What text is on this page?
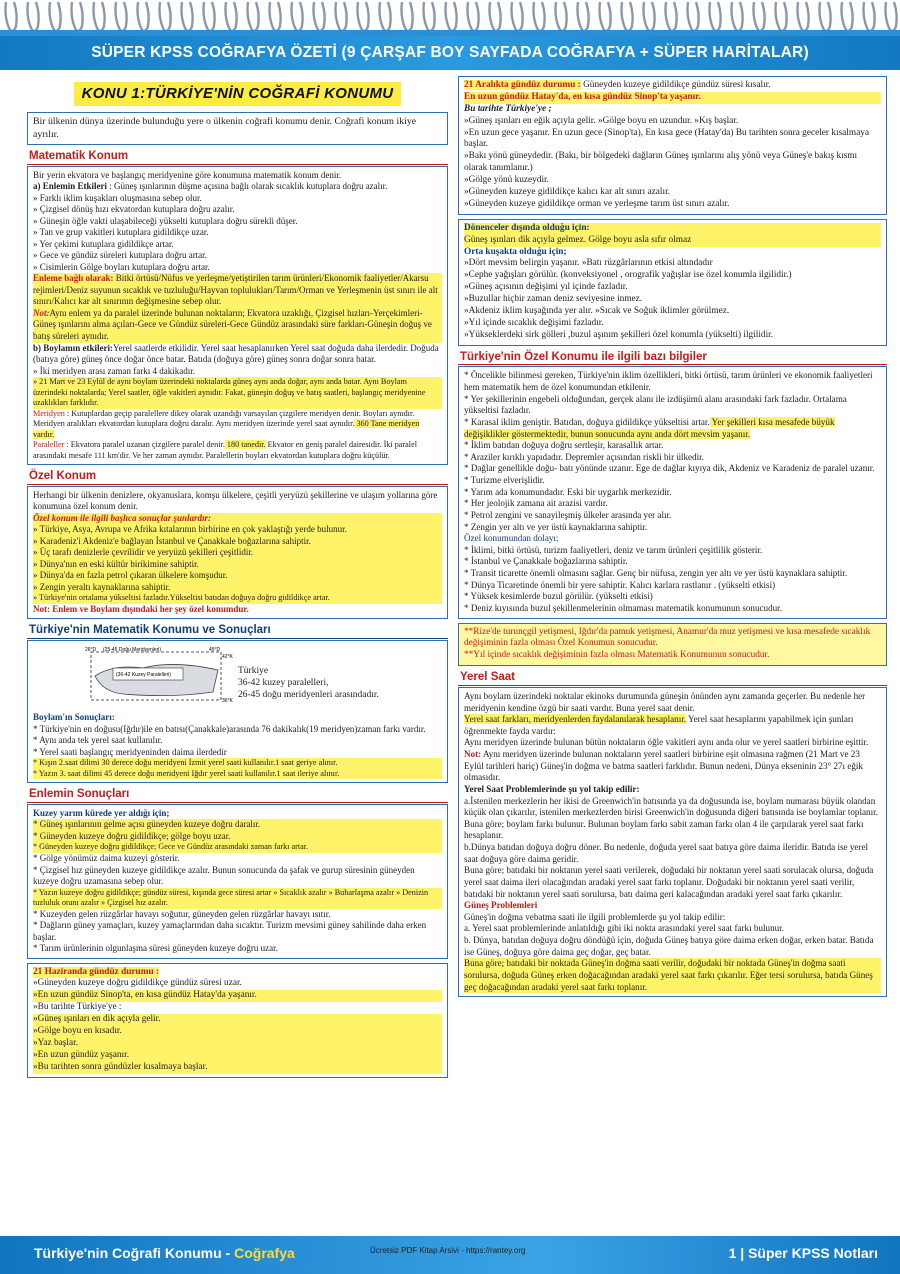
SÜPER KPSS COĞRAFYA ÖZETİ (9 ÇARŞAF BOY SAYFADA COĞRAFYA + SÜPER HARİTALAR)
KONU 1:TÜRKİYE'NİN COĞRAFİ KONUMU

Bir ülkenin dünya üzerinde bulunduğu yere o ülkenin coğrafi konumu denir. Coğrafi konum ikiye ayrılır.

Matematik Konum

Bir yerin ekvatora ve başlangıç meridyenine göre konumuna matematik konum denir.

a) Enlemin Etkileri : Güneş ışınlarının düşme açısına bağlı olarak sıcaklık kutuplara doğru azalır.

» Farklı iklim kuşakları oluşmasına sebep olur.

» Çizgisel dönüş hızı ekvatordan kutuplara doğru azalır.

» Güneşin öğle vakti ulaşabileceği yükselti kutuplara doğru sürekli düşer.

» Tan ve grup vakitleri kutuplara gidildikçe uzar.

» Yer çekimi kutuplara gidildikçe artar.

» Gece ve gündüz süreleri kutuplara doğru artar.

» Cisimlerin Gölge boyları kutuplara doğru artar.

Enleme bağlı olarak: Bitki örtüsü/Nüfus ve yerleşme/yetiştirilen tarım ürünleri/Ekonomik faaliyetler/Akarsu rejimleri/Deniz suyunun sıcaklık ve tuzluluğu/Hayvan toplulukları/Tarım/Orman ve Yerleşmenin üst sınırı ile alt sınırı/Kalıcı kar alt sınırının değişmesine sebep olur.

Not:Aynı enlem ya da paralel üzerinde bulunan noktaların; Ekvatora uzaklığı, Çizgisel hızları-Yerçekimleri-Güneş ışınlarını alma açıları-Gece ve Gündüz süreleri-Gece Gündüz arasındaki süre farkları-Güneşin doğuş ve batış süreleri aynıdır.

b) Boylamın etkileri:Yerel saatlerde etkilidir. Yerel saat hesaplanırken Yerel saat doğuda daha ilerdedir. Doğuda (batıya göre) güneş önce doğar önce batar. Batıda (doğuya göre) güneş sonra doğar sonra batar.

» İki meridyen arası zaman farkı 4 dakikadır.

» 21 Mart ve 23 Eylül de aynı boylam üzerindeki noktalarda güneş aynı anda doğar, aynı anda batar. Aynı Boylam üzerindeki noktalarda; Yerel saatler, öğle vakitleri aynıdır. Fakat, güneşin doğuş ve batış saatleri, başlangıç meridyenine uzaklıkları farklıdır.

Meridyen : Kutuplardan geçip paralellere dikey olarak uzandığı varsayılan çizgilere meridyen denir. Boyları aynıdır. Meridyen aralıkları ekvatordan kutuplara doğru daralır. Aynı meridyen üzerinde yerel saat aynıdır. 360 Tane meridyen vardır.

Paraleller : Ekvatora paralel uzanan çizgilere paralel denir. 180 tanedir. Ekvator en geniş paralel dairesidir. İki paralel arasındaki mesafe 111 km'dir. Ve her zaman aynıdır. Paralellerin boyları ekvatordan kutuplara doğru küçülür.

Özel Konum

Herhangi bir ülkenin denizlere, okyanuslara, komşu ülkelere, çeşitli yeryüzü şekillerine ve ulaşım yollarına göre konumuna özel konum denir.

Özel konum ile ilgili başlıca sonuçlar şunlardır:

» Türkiye, Asya, Avrupa ve Afrika kıtalarının birbirine en çok yaklaştığı yerde bulunur.

» Karadeniz'i Akdeniz'e bağlayan İstanbul ve Çanakkale boğazlarına sahiptir.

» Üç tarafı denizlerle çevrilidir ve yeryüzü şekilleri çeşitlidir.

» Dünya'nın en eski kültür birikimine sahiptir.

» Dünya'da en fazla petrol çıkaran ülkelere komşudur.

» Zengin yeraltı kaynaklarına sahiptir.

» Türkiye'nin ortalama yükseltisi fazladır.Yükseltisi batıdan doğuya doğru gidildikçe artar.

Not: Enlem ve Boylam dışındaki her şey özel konumdur.

Türkiye'nin Matematik Konumu ve Sonuçları
26°D (25-45 Doğu Meridyenleri)	45°D
42°K
(36-42 Kuzey Paralelleri)
36°K

Türkiye

36-42 kuzey paralelleri,

26-45 doğu meridyenleri arasındadır.

Boylam'ın Sonuçları:

* Türkiye'nin en doğusu(Iğdır)ile en batısı(Çanakkale)arasında 76 dakikalık(19 meridyen)zaman farkı vardır.

* Aynı anda tek yerel saat kullanılır.

* Yerel saati başlangıç meridyeninden daima ilerdedir

* Kışın 2.saat dilimi 30 derece doğu meridyeni İzmit yerel saati kullanılır.1 saat geriye alınır.

* Yazın 3. saat dilimi 45 derece doğu meridyeni Iğdır yerel saati kullanılır.1 saat ileriye alınır.

Enlemin Sonuçları

Kuzey yarım kürede yer aldığı için;

* Güneş ışınlarının gelme açısı güneyden kuzeye doğru daralır.

* Güneyden kuzeye doğru gidildikçe; gölge boyu uzar.

* Güneyden kuzeye doğru gidildikçe; Gece ve Gündüz arasındaki zaman farkı artar.

* Gölge yönümüz daima kuzeyi gösterir.

* Çizgisel hız güneyden kuzeye gidildikçe azalır. Bunun sonucunda da şafak ve gurup süresinin güneyden kuzeye doğru uzamasına sebep olur.

* Yazın kuzeye doğru gidildikçe; gündüz süresi, kışında gece süresi artar » Sıcaklık azalır » Buharlaşma azalır » Denizin tuzluluk oranı azalır » Çizgisel hız azalır.

* Kuzeyden gelen rüzgârlar havayı soğutur, güneyden gelen rüzgârlar havayı ısıtır.

* Dağların güney yamaçları, kuzey yamaçlarından daha sıcaktır. Turizm mevsimi güney sahilinde daha erken başlar.

* Tarım ürünlerinin olgunlaşma süresi güneyden kuzeye doğru uzar.

21 Haziranda gündüz durumu :

»Güneyden kuzeye doğru gidildikçe gündüz süresi uzar.

»En uzun gündüz Sinop'ta, en kısa gündüz Hatay'da yaşanır.

»Bu tarihte Türkiye'ye :

»Güneş ışınları en dik açıyla gelir.

»Gölge boyu en kısadır.

»Yaz başlar.

»En uzun gündüz yaşanır.

»Bu tarihten sonra gündüzler kısalmaya başlar.

21 Aralıkta gündüz durumu : Güneyden kuzeye gidildikçe gündüz süresi kısalır.

En uzun gündüz Hatay'da, en kısa gündüz Sinop'ta yaşanır.

Bu tarihte Türkiye'ye ;

»Güneş ışınları en eğik açıyla gelir. »Gölge boyu en uzundur. »Kış başlar.

»En uzun gece yaşanır. En uzun gece (Sinop'ta), En kısa gece (Hatay'da) Bu tarihten sonra geceler kısalmaya başlar.

»Bakı yönü güneydedir. (Bakı, bir bölgedeki dağların Güneş ışınlarını alış yönü veya Güneş'e bakış kısmı olarak tanımlanır.)

»Gölge yönü kuzeydir.

»Güneyden kuzeye gidildikçe kalıcı kar alt sınırı azalır.

»Güneyden kuzeye gidildikçe orman ve yerleşme tarım üst sınırı azalır.

Dönenceler dışında olduğu için:

Güneş ışınları dik açıyla gelmez. Gölge boyu asla sıfır olmaz

Orta kuşakta olduğu için;

»Dört mevsim belirgin yaşanır. »Batı rüzgârlarının etkisi altındadır

»Cephe yağışları görülür. (konveksiyonel , orografik yağışlar ise özel konumla ilgilidir.)

»Güneş açısının değişimi yıl içinde fazladır.

»Buzullar hiçbir zaman deniz seviyesine inmez.

»Akdeniz iklim kuşağında yer alır. »Sıcak ve Soğuk iklimler görülmez.

»Yıl içinde sıcaklık değişimi fazladır.

»Yükseklerdeki sirk gölleri ,buzul aşınım şekilleri özel konumla (yükselti) ilgilidir.

Türkiye'nin Özel Konumu ile ilgili bazı bilgiler

* Öncelikle bilinmesi gereken, Türkiye'nin iklim özellikleri, bitki örtüsü, tarım ürünleri ve ekonomik faaliyetleri hem matematik hem de özel konumundan etkilenir.

* Yer şekillerinin engebeli olduğundan, gerçek alanı ile izdüşümü alanı arasındaki fark fazladır. Ortalama yükseltisi fazladır.

* Karasal iklim geniştir. Batıdan, doğuya gidildikçe yükseltisi artar. Yer şekilleri kısa mesafede büyük değişiklikler göstermektedir, bunun sonucunda aynı anda dört mevsim yaşanır.

* İklim batıdan doğuya doğru sertleşir, karasallık artar.

* Araziler kırıklı yapıdadır. Depremler açısından riskli bir ülkedir.

* Dağlar genellikle doğu- batı yönünde uzanır. Ege de dağlar kıyıya dik, Akdeniz ve Karadeniz de paralel uzanır.

* Turizme elverişlidir.

* Yarım ada konumundadır. Eski bir uygarlık merkezidir.

* Her jeolojik zamana ait arazisi vardır.

* Petrol zengini ve sanayileşmiş ülkeler arasında yer alır.

* Zengin yer altı ve yer üstü kaynaklarına sahiptir.

Özel konumundan dolayı;

* İklimi, bitki örtüsü, turizm faaliyetleri, deniz ve tarım ürünleri çeşitlilik gösterir.

* İstanbul ve Çanakkale boğazlarına sahiptir.

* Transit ticarette önemli olmasını sağlar. Genç bir nüfusa, zengin yer altı ve yer üstü kaynaklara sahiptir.

* Dünya Ticaretinde önemli bir yere sahiptir. Kalıcı karlara rastlanır . (yükselti etkisi)

* Yüksek kesimlerde buzul görülür. (yükselti etkisi)

* Deniz kıyısında buzul şekillenmelerinin olmaması matematik konumunun sonucudur.

**Rize'de turunçgil yetişmesi, Iğdır'da pamuk yetişmesi, Anamur'da muz yetişmesi ve kısa mesafede sıcaklık değişiminin fazla olması Özel Konumun sonucudur.

**Yıl içinde sıcaklık değişiminin fazla olması Matematik Konumunun sonucudur.

Yerel Saat

Aynı boylam üzerindeki noktalar ekinoks durumunda güneşin önünden aynı zamanda geçerler. Bu nedenle her meridyenin kendine özgü bir saati vardır. Buna yerel saat denir.

Yerel saat farkları, meridyenlerden faydalanılarak hesaplanır. Yerel saat hesaplarını yapabilmek için şunları öğrenmekte fayda vardır:

Aynı meridyen üzerinde bulunan bütün noktaların öğle vakitleri aynı anda olur ve yerel saatleri birbirine eşittir.

Not: Aynı meridyen üzerinde bulunan noktaların yerel saatleri birbirine eşit olmasına rağmen (21 Mart ve 23 Eylül tarihleri hariç) Güneş'in doğma ve batma saatleri farklıdır. Bunun nedeni, Dünya ekseninin 23° 27ı eğik olmasıdır.

Yerel Saat Problemlerinde şu yol takip edilir:

a.İstenilen merkezlerin her ikisi de Greenwich'in batısında ya da doğusunda ise, boylam numarası büyük olandan küçük olan çıkarılır, istenilen merkezlerden birisi Greenwich'in doğusunda diğeri batısında ise boylamlar toplanır. Buna göre; boylam farkı bulunur. Bulunan boylam farkı sabit zaman farkı olan 4 ile çarpılarak yerel saat farkı hesaplanır.

b.Dünya batıdan doğuya doğru döner. Bu nedenle, doğuda yerel saat batıya göre daima ileridir. Batıda ise yerel saat doğuya göre daima geridir.

Buna göre; batıdaki bir noktanın yerel saati verilerek, doğudaki bir noktanın yerel saati sorulacak olursa, doğuda yerel saat daima ileri olacağından aradaki yerel saat farkı toplanır. Doğudaki bir noktanın yerel saati verilir, batıdaki bir noktanın yerel saati sorulursa, batı daima geri kalacağından aradaki yerel saat farkı çıkarılır.

Güneş Problemleri

Güneş'in doğma vebatma saati ile ilgili problemlerde şu yol takip edilir:

a. Yerel saat problemlerinde anlatıldığı gibi iki nokta arasındaki yerel saat farkı bulunur.

b. Dünya, batıdan doğuya doğru döndüğü için, doğuda Güneş batıya göre daima erken doğar, erken batar. Batıda ise Güneş, doğuya göre daima geç doğar, geç batar.

Buna göre; batıdaki bir noktada Güneş'in doğma saati verilir, doğudaki bir noktada Güneş'in doğma saati sorulursa, doğuda Güneş erken doğacağından aradaki yerel saat farkı çıkarılır. Eğer tersi sorulursa, batıda Güneş geç doğacağından aradaki yerel saat farkı toplanır.

Türkiye'nin Coğrafi Konumu - Coğrafya	Ücretsiz PDF Kitap Arsivi - https://rantey.org	1 | Süper KPSS Notları
